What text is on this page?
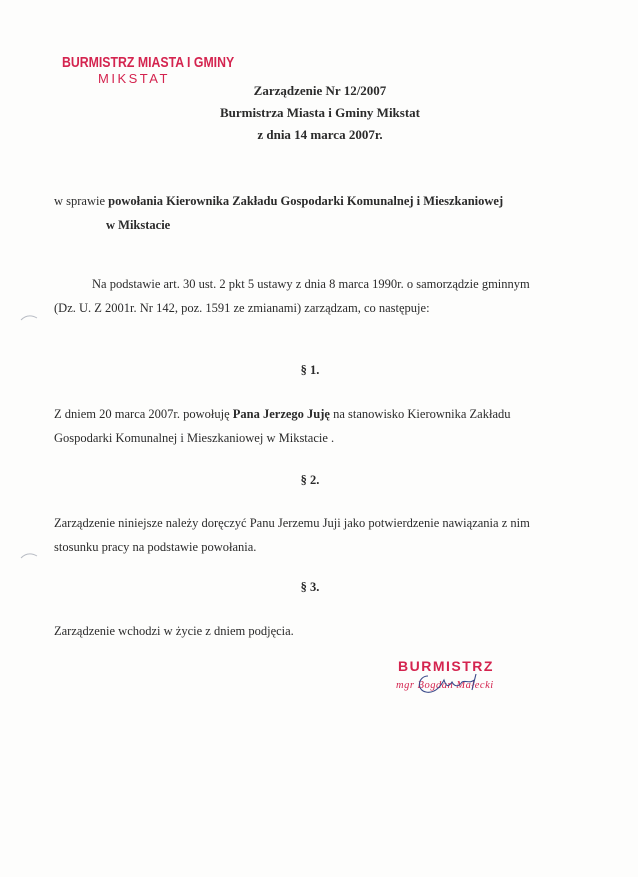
BURMISTRZ MIASTA I GMINY
MIKSTAT
Zarządzenie Nr 12/2007
Burmistrza Miasta i Gminy Mikstat
z dnia 14 marca 2007r.
w sprawie powołania Kierownika Zakładu Gospodarki Komunalnej i Mieszkaniowej
w Mikstacie
Na podstawie art. 30 ust. 2 pkt 5 ustawy z dnia 8 marca 1990r. o samorządzie gminnym
(Dz. U. Z 2001r. Nr 142, poz. 1591 ze zmianami) zarządzam, co następuje:
§ 1.
Z dniem 20 marca 2007r. powołuję Pana Jerzego Juję na stanowisko Kierownika Zakładu
Gospodarki Komunalnej i Mieszkaniowej w Mikstacie .
§ 2.
Zarządzenie niniejsze należy doręczyć Panu Jerzemu Juji jako potwierdzenie nawiązania z nim
stosunku pracy na podstawie powołania.
§ 3.
Zarządzenie wchodzi w życie z dniem podjęcia.
BURMISTRZ
mgr Bogdan Małecki
